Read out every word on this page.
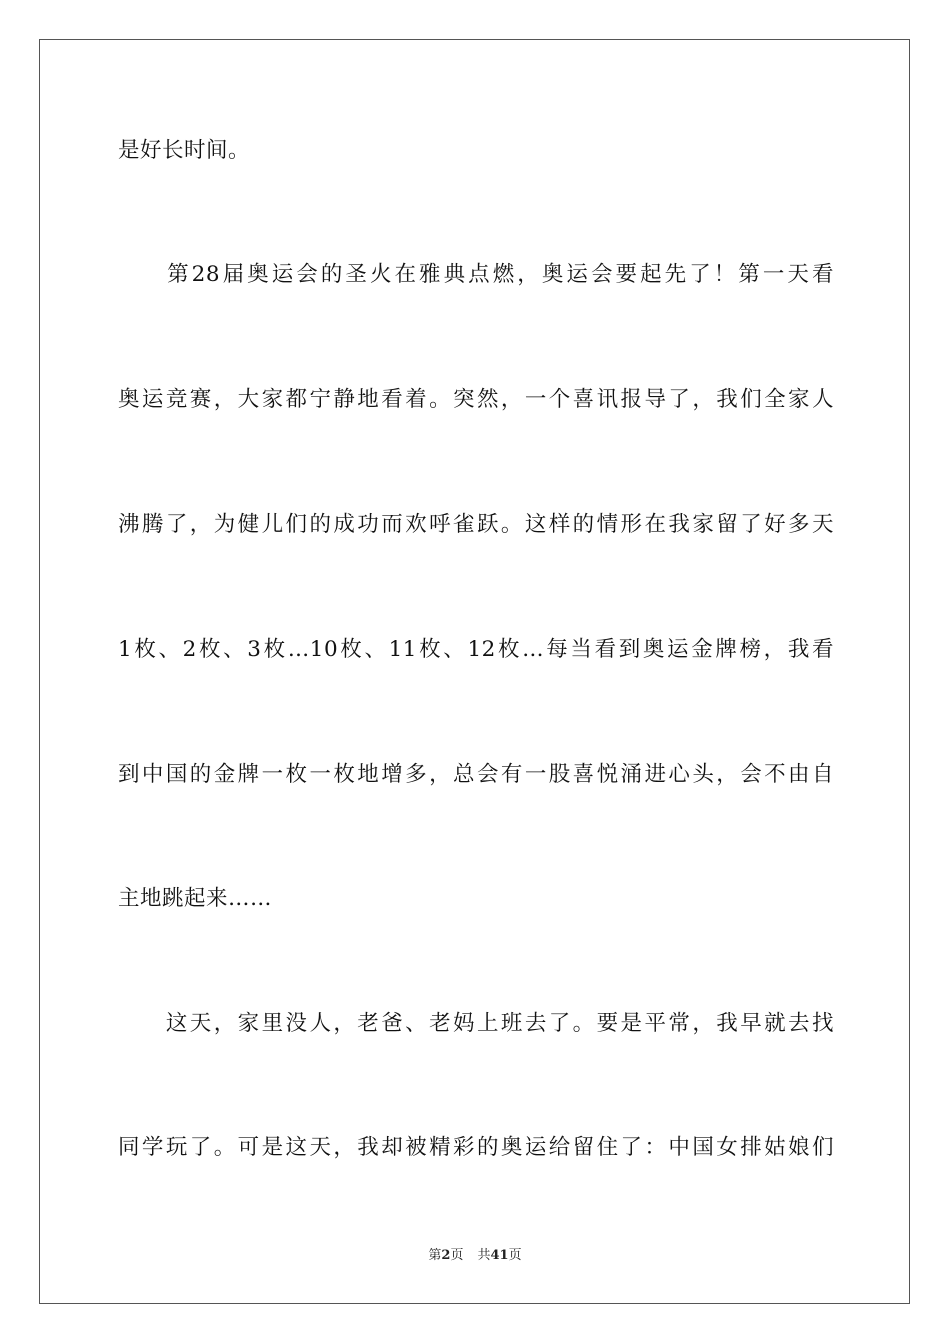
是好长时间。
　　第28届奥运会的圣火在雅典点燃，奥运会要起先了！第一天看
奥运竞赛，大家都宁静地看着。突然，一个喜讯报导了，我们全家人
沸腾了，为健儿们的成功而欢呼雀跃。这样的情形在我家留了好多天
1枚、2枚、3枚…10枚、11枚、12枚…每当看到奥运金牌榜，我看
到中国的金牌一枚一枚地增多，总会有一股喜悦涌进心头，会不由自
主地跳起来……
　　这天，家里没人，老爸、老妈上班去了。要是平常，我早就去找
同学玩了。可是这天，我却被精彩的奥运给留住了：中国女排姑娘们
第2页 共41页
